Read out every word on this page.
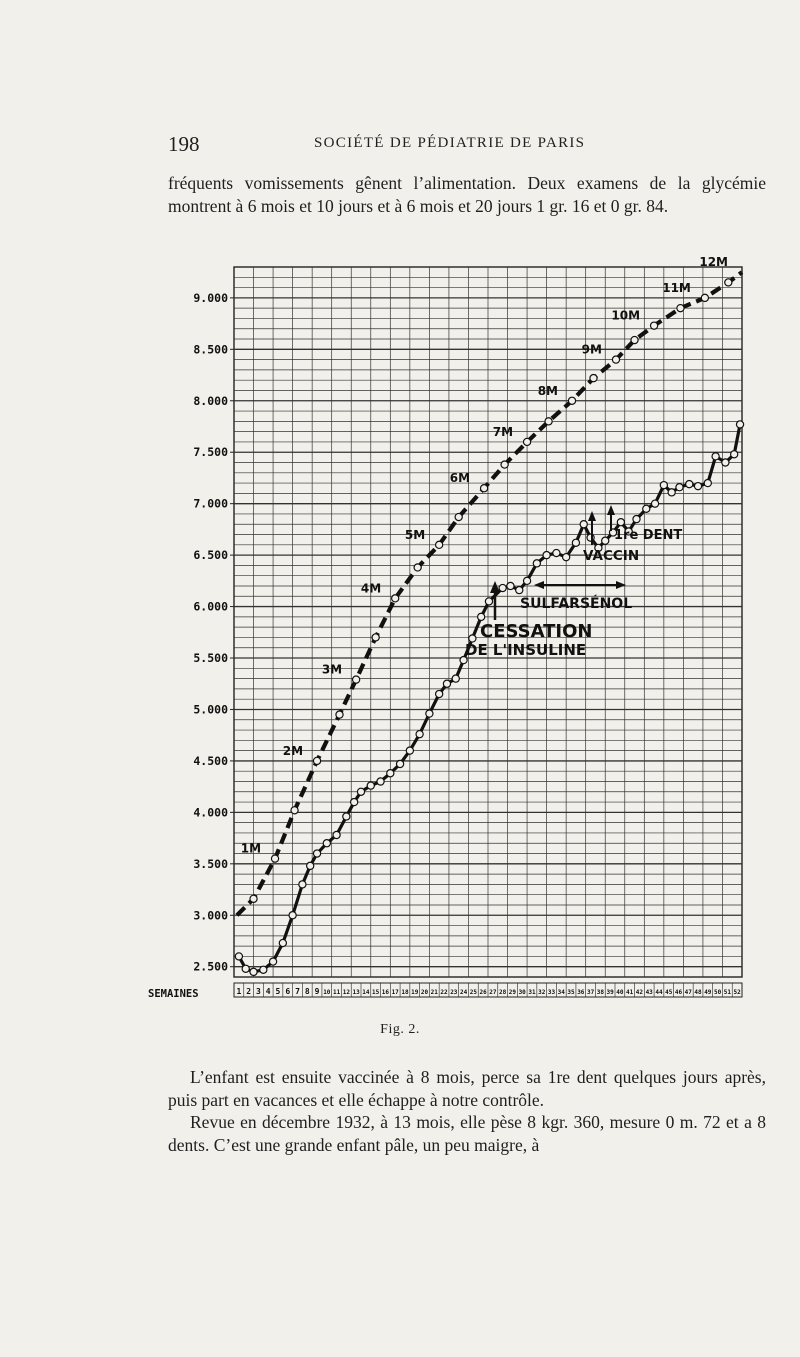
198	SOCIÉTÉ DE PÉDIATRIE DE PARIS

fréquents vomissements gênent l’alimentation. Deux examens de la glycémie montrent à 6 mois et 10 jours et à 6 mois et 20 jours 1 gr. 16 et 0 gr. 84.

2.500
3.000
3.500
4.000
4.500
5.000
5.500
6.000
6.500
7.000
7.500
8.000
8.500
9.000
1 2 3 4 5 6 7 8 9 10 11 12 13 14 15 16 17 18 19 20 21 22 23 24 25 26 27 28 29 30 31 32 33 34 35 36 37 38 39 40 41 42 43 44 45 46 47 48 49 50 51 52
SEMAINES
1M
2M
3M
4M
5M
6M
7M
8M
9M
10M
11M
12M
CESSATION
DE L'INSULINE
SULFARSÉNOL
VACCIN
1re DENT
Fig. 2.

L’enfant est ensuite vaccinée à 8 mois, perce sa 1re dent quelques jours après, puis part en vacances et elle échappe à notre contrôle.

Revue en décembre 1932, à 13 mois, elle pèse 8 kgr. 360, mesure 0 m. 72 et a 8 dents. C’est une grande enfant pâle, un peu maigre, à
